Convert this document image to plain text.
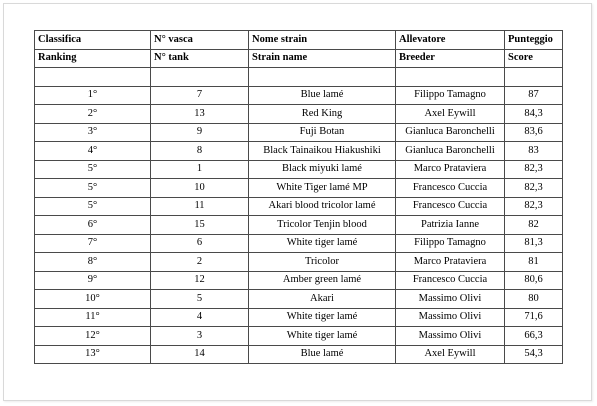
Classifica	N° vasca	Nome strain	Allevatore	Punteggio
Ranking	N° tank	Strain name	Breeder	Score

1°	7	Blue lamé	Filippo Tamagno	87
2°	13	Red King	Axel Eywill	84,3
3°	9	Fuji Botan	Gianluca Baronchelli	83,6
4°	8	Black Tainaikou Hiakushiki	Gianluca Baronchelli	83
5°	1	Black miyuki lamé	Marco Prataviera	82,3
5°	10	White Tiger lamé MP	Francesco Cuccia	82,3
5°	11	Akari blood tricolor lamé	Francesco Cuccia	82,3
6°	15	Tricolor Tenjin blood	Patrizia Ianne	82
7°	6	White tiger lamé	Filippo Tamagno	81,3
8°	2	Tricolor	Marco Prataviera	81
9°	12	Amber green lamé	Francesco Cuccia	80,6
10°	5	Akari	Massimo Olivi	80
11°	4	White tiger lamé	Massimo Olivi	71,6
12°	3	White tiger lamé	Massimo Olivi	66,3
13°	14	Blue lamé	Axel Eywill	54,3
